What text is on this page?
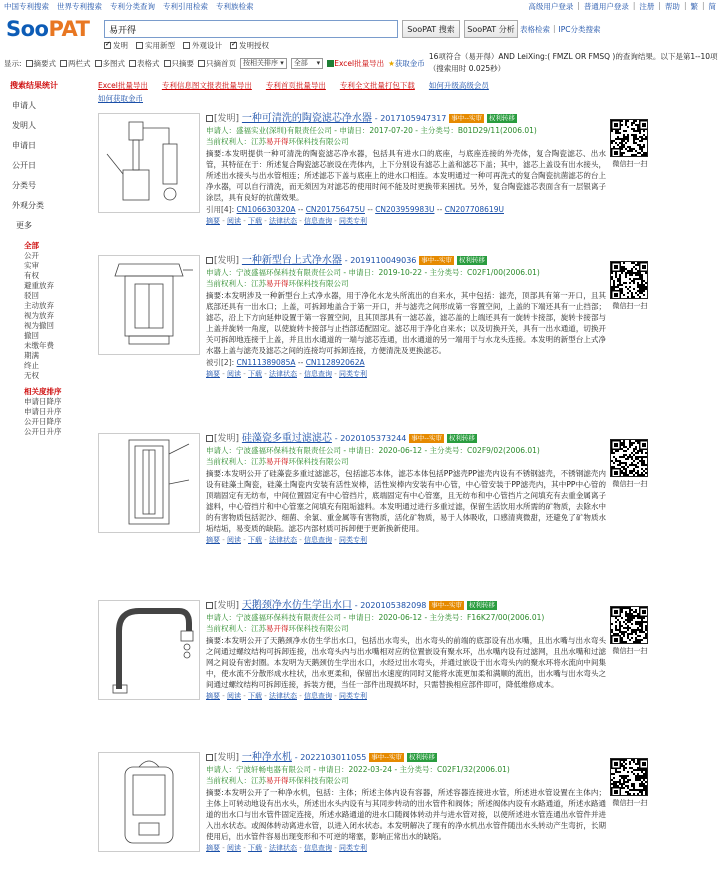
中国专利搜索 世界专利搜索 专利分类查询 专利引用检索 专利族检索	高级用户登录 | 普通用户登录 | 注册 | 帮助 | 繁 | 简
SooPAT	易开得	SooPAT 搜索	SooPAT 分析 表格检索 | IPC分类搜索
✓
发明 实用新型 外观设计 ✓ 发明授权
显示:	摘要式	两栏式	多图式	表格式	只摘要	只摘首页 按相关排序 ▾	全部 ▾	Excel批量导出 ★获取金币
16项符合（易开得）AND LeiXing:( FMZL OR FMSQ )的查询结果。以下是第1--10项（搜索用时 0.025秒）
搜索结果统计
申请人
发明人
申请日
公开日
分类号
外观分类
更多
全部
公开
实审
有权
避重放弃
驳回
主动放弃
视为放弃
视为撤回
撤回
未缴年费
期满
终止
无权
相关度排序
申请日降序
申请日升序
公开日降序
公开日升序
Excel批量导出 专利信息图文报表批量导出 专利首页批量导出 专利全文批量打包下载 如何升级高级会员
如何获取金币
[发明] 一种可清洗的陶瓷滤芯净水器 - 2017105947317 事中--实审 权利转移
申请人：盛福实业(深圳)有限责任公司 - 申请日：2017-07-20 - 主分类号：B01D29/11(2006.01)
当前权利人：江苏易开得环保科技有限公司
摘要:本发明提供一种可清洗的陶瓷滤芯净水器，包括具有进水口的底座，与底座连接的外壳体，复合陶瓷滤芯、出水管，其特征在于：所述复合陶瓷滤芯嵌设在壳体内，上下分别设有滤芯上盖和滤芯下盖；其中，滤芯上盖设有出水接头，所述出水接头与出水管相连；所述滤芯下盖与底座上的进水口相连。本发明通过一种可再洗式的复合陶瓷抗菌滤芯的台上净水器，可以自行清洗，而无须因为对滤芯的使用时间不能及时更换带来困扰。另外，复合陶瓷滤芯表面含有一层银离子涂层，具有良好的抗菌效果。
引用[4]: CN106630320A -- CN201756475U -- CN203959983U -- CN207708619U
摘要 - 阅读 - 下载 - 法律状态 - 信息查询 - 同类专利
微信扫一扫
[发明] 一种新型台上式净水器 - 2019110049036 事中--实审 权利转移
申请人：宁波盛福环保科技有限责任公司 - 申请日：2019-10-22 - 主分类号：C02F1/00(2006.01)
当前权利人：江苏易开得环保科技有限公司
摘要:本发明涉及一种新型台上式净水器，用于净化水龙头所流出的自来水，其中包括：滤壳，顶部具有第一开口，且其底部还具有一出水口；上盖，可拆卸地盖合于第一开口，并与滤壳之间形成第一容置空间，上盖的下端还具有一止挡部；滤芯，沿上下方向延伸设置于第一容置空间，且其顶部具有一滤芯盖，滤芯盖的上端还具有一旋转卡接部，旋转卡接部与上盖并旋转一角度，以使旋转卡接部与止挡部适配固定。滤芯用于净化自来水；以及切换开关，具有一出水通道，切换开关可拆卸地连接于上盖，并且出水通道的一端与滤芯连通，出水通道的另一端用于与水龙头连接。本发明的新型台上式净水器上盖与滤壳及滤芯之间的连接均可拆卸连接，方便清洗及更换滤芯。
被引[2]: CN111389085A -- CN112892062A
摘要 - 阅读 - 下载 - 法律状态 - 信息查询 - 同类专利
微信扫一扫
[发明] 硅藻瓷多重过滤滤芯 - 2020105373244 事中--实审 权利转移
申请人：宁波盛福环保科技有限责任公司 - 申请日：2020-06-12 - 主分类号：C02F9/02(2006.01)
当前权利人：江苏易开得环保科技有限公司
摘要:本发明公开了硅藻瓷多重过滤滤芯，包括滤芯本体，滤芯本体包括PP滤壳PP滤壳内设有不锈钢滤壳，不锈钢滤壳内设有硅藻土陶瓷，硅藻土陶瓷内安装有活性炭棒，活性炭棒内安装有中心管，中心管安装于PP滤壳内，其中PP中心管的顶端固定有无纺布，中间位置固定有中心管挡片，底端固定有中心管塞，且无纺布和中心管挡片之间填充有去重金属离子滤料，中心管挡片和中心管塞之间填充有阻垢滤料。本发明通过进行多重过滤，保留生活饮用水所需的矿物质，去除水中的有害物质包括泥沙、细菌、余氯、重金属等有害物质，活化矿物质，易于人体吸收，口感清爽微甜，还避免了矿物质水垢结垢，易变质的缺陷。滤芯内部材质可拆卸便于更新换新使用。
摘要 - 阅读 - 下载 - 法律状态 - 信息查询 - 同类专利
微信扫一扫
[发明] 天鹅颈净水仿生学出水口 - 2020105382098 事中--实审 权利转移
申请人：宁波盛福环保科技有限责任公司 - 申请日：2020-06-12 - 主分类号：F16K27/00(2006.01)
当前权利人：江苏易开得环保科技有限公司
摘要:本发明公开了天鹅颈净水仿生学出水口，包括出水弯头，出水弯头的前端的底部设有出水嘴，且出水嘴与出水弯头之间通过螺纹结构可拆卸连接，出水弯头内与出水嘴相对应的位置嵌设有聚水环，出水嘴内设有过滤网，且出水嘴和过滤网之间设有密封圈。本发明为天鹅颈仿生学出水口，水经过出水弯头，并通过嵌设于出水弯头内的聚水环将水流向中间集中，使水流不分散形成水柱状，出水更柔和，保留出水速度的同时又能将水流更加柔和满顺的流出，出水嘴与出水弯头之间通过螺纹结构可拆卸连接，拆装方便，当任一部件出现损坏时，只需替换相应部件即可，降低维修成本。
摘要 - 阅读 - 下载 - 法律状态 - 信息查询 - 同类专利
微信扫一扫
[发明] 一种净水机 - 2022103011055 事中--实审 权利转移
申请人：宁波轩畅电器有限公司 - 申请日：2022-03-24 - 主分类号：C02F1/32(2006.01)
当前权利人：江苏易开得环保科技有限公司
摘要:本发明公开了一种净水机，包括：主体；所述主体内设有容器，所述容器连接进水管，所述进水管设置在主体内；主体上可转动地设有出水头，所述出水头内设有与其同步转动的出水管件和阀体；所述阀体内设有水路通道，所述水路通道的出水口与出水管件固定连接，所述水路通道的进水口随阀体转动并与进水管对接，以使所述进水管连通出水管件并进入出水状态。或阀体转动离进水管，以进入闭水状态。本发明解决了现有的净水机出水管件随出水头转动产生弯折，长期使用后，出水管件容易出现变形和不可逆的堵塞，影响正常出水的缺陷。
摘要 - 阅读 - 下载 - 法律状态 - 信息查询 - 同类专利
微信扫一扫
